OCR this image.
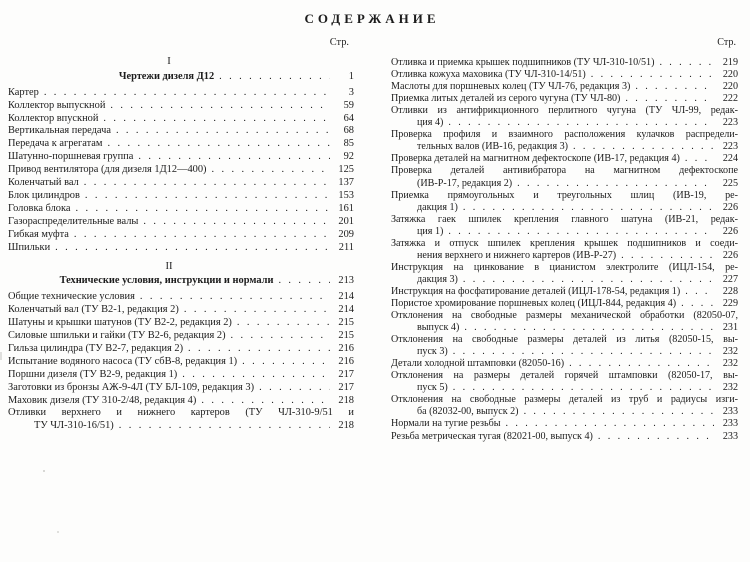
СОДЕРЖАНИЕ
Стр.
I
Чертежи дизеля Д12 . . .	1
Картер . . .	3
Коллектор выпускной . . .	59
Коллектор впускной . . .	64
Вертикальная передача . . .	68
Передача к агрегатам . . .	85
Шатунно-поршневая группа . . .	92
Привод вентилятора (для дизеля 1Д12—400) . . .	125
Коленчатый вал . . .	137
Блок цилиндров . . .	153
Головка блока . . .	161
Газораспределительные валы . . .	201
Гибкая муфта . . .	209
Шпильки . . .	211
II
Технические условия, инструкции и нормали . . .	213
Общие технические условия . . .	214
Коленчатый вал (ТУ В2-1, редакция 2) . . .	214
Шатуны и крышки шатунов (ТУ В2-2, редакция 2) . . .	215
Силовые шпильки и гайки (ТУ В2-6, редакция 2) . . .	215
Гильза цилиндра (ТУ В2-7, редакция 2) . . .	216
Испытание водяного насоса (ТУ сбВ-8, редакция 1) . . .	216
Поршни дизеля (ТУ В2-9, редакция 1) . . .	217
Заготовки из бронзы АЖ-9-4Л (ТУ БЛ-109, редакция 3) . . .	217
Маховик дизеля (ТУ 310-2/48, редакция 4) . . .	218
Отливки верхнего и нижнего картеров (ТУ ЧЛ-310-9/51 и
ТУ ЧЛ-310-16/51) . . .	218
Стр.
Отливка и приемка крышек подшипников (ТУ ЧЛ-310-10/51) . . .	219
Отливка кожуха маховика (ТУ ЧЛ-310-14/51) . . .	220
Маслоты для поршневых колец (ТУ ЧЛ-76, редакция 3) . . .	220
Приемка литых деталей из серого чугуна (ТУ ЧЛ-80) . . .	222
Отливки из антифрикционного перлитного чугуна (ТУ ЧЛ-99, редак-
ция 4) . . .	223
Проверка профиля и взаимного расположения кулачков распредели-
тельных валов (ИВ-16, редакция 3) . . .	223
Проверка деталей на магнитном дефектоскопе (ИВ-17, редакция 4) . . .	224
Проверка деталей антивибратора на магнитном дефектоскопе
(ИВ-Р-17, редакция 2) . . .	225
Приемка прямоугольных и треугольных шлиц (ИВ-19, ре-
дакция 1) . . .	226
Затяжка гаек шпилек крепления главного шатуна (ИВ-21, редак-
ция 1) . . .	226
Затяжка и отпуск шпилек крепления крышек подшипников и соеди-
нения верхнего и нижнего картеров (ИВ-Р-27) . . .	226
Инструкция на цинкование в цианистом электролите (ИЦЛ-154, ре-
дакция 3) . . .	227
Инструкция на фосфатирование деталей (ИЦЛ-178-54, редакция 1) . . .	228
Пористое хромирование поршневых колец (ИЦЛ-844, редакция 4) . . .	229
Отклонения на свободные размеры механической обработки (82050-07,
выпуск 4) . . .	231
Отклонения на свободные размеры деталей из литья (82050-15, вы-
пуск 3) . . .	232
Детали холодной штамповки (82050-16) . . .	232
Отклонения на размеры деталей горячей штамповки (82050-17, вы-
пуск 5) . . .	232
Отклонения на свободные размеры деталей из труб и радиусы изги-
ба (82032-00, выпуск 2) . . .	233
Нормали на тугие резьбы . . .	233
Резьба метрическая тугая (82021-00, выпуск 4) . . .	233
